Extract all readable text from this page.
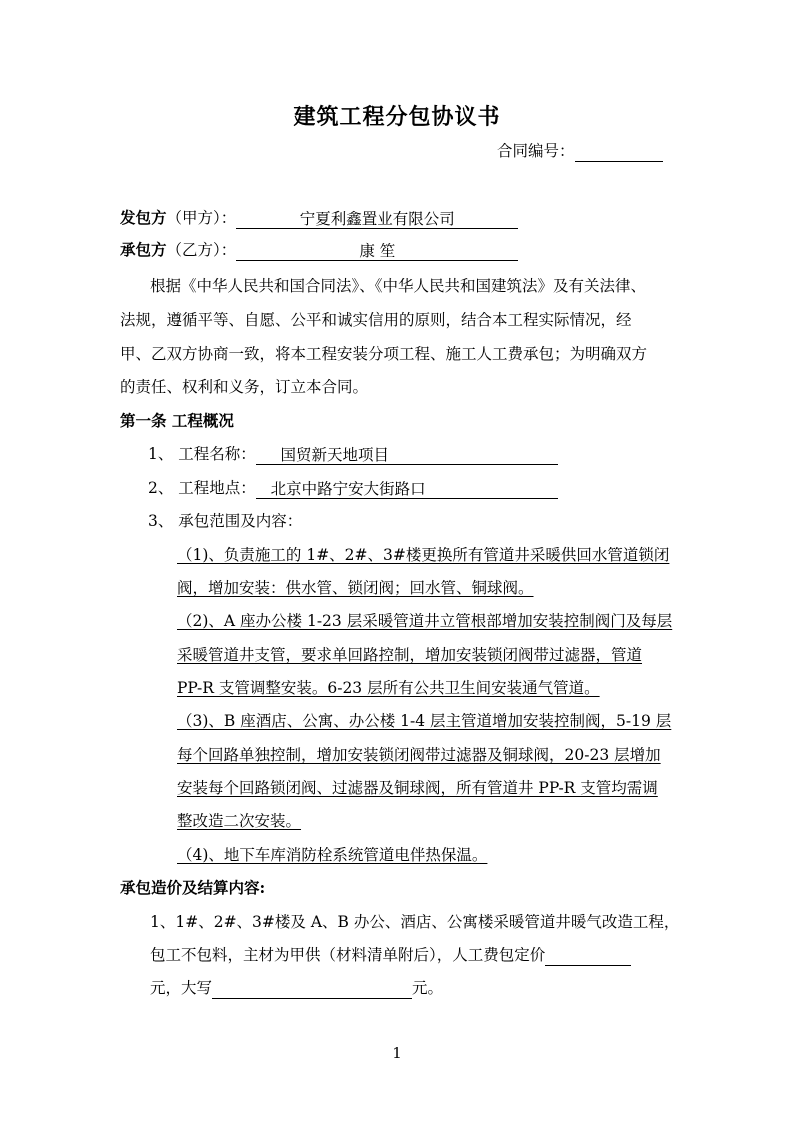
建筑工程分包协议书
合同编号：
发包方（甲方）：	宁夏利鑫置业有限公司
承包方（乙方）：	康 笙
根据《中华人民共和国合同法》、《中华人民共和国建筑法》及有关法律、
法规，遵循平等、自愿、公平和诚实信用的原则，结合本工程实际情况，经
甲、乙双方协商一致，将本工程安装分项工程、施工人工费承包；为明确双方
的责任、权利和义务，订立本合同。
第一条 工程概况
1、 工程名称： 国贸新天地项目
2、 工程地点： 北京中路宁安大街路口
3、 承包范围及内容：
（1)、负责施工的 1#、2#、3#楼更换所有管道井采暖供回水管道锁闭
阀，增加安装：供水管、锁闭阀；回水管、铜球阀。
（2)、A 座办公楼 1-23 层采暖管道井立管根部增加安装控制阀门及每层
采暖管道井支管，要求单回路控制，增加安装锁闭阀带过滤器，管道
PP-R 支管调整安装。6-23 层所有公共卫生间安装通气管道。
（3)、B 座酒店、公寓、办公楼 1-4 层主管道增加安装控制阀，5-19 层
每个回路单独控制，增加安装锁闭阀带过滤器及铜球阀，20-23 层增加
安装每个回路锁闭阀、过滤器及铜球阀，所有管道井 PP-R 支管均需调
整改造二次安装。
（4)、地下车库消防栓系统管道电伴热保温。
承包造价及结算内容:
1、1#、2#、3#楼及 A、B 办公、酒店、公寓楼采暖管道井暖气改造工程，
包工不包料，主材为甲供（材料清单附后），人工费包定价
元，大写	元。
1
